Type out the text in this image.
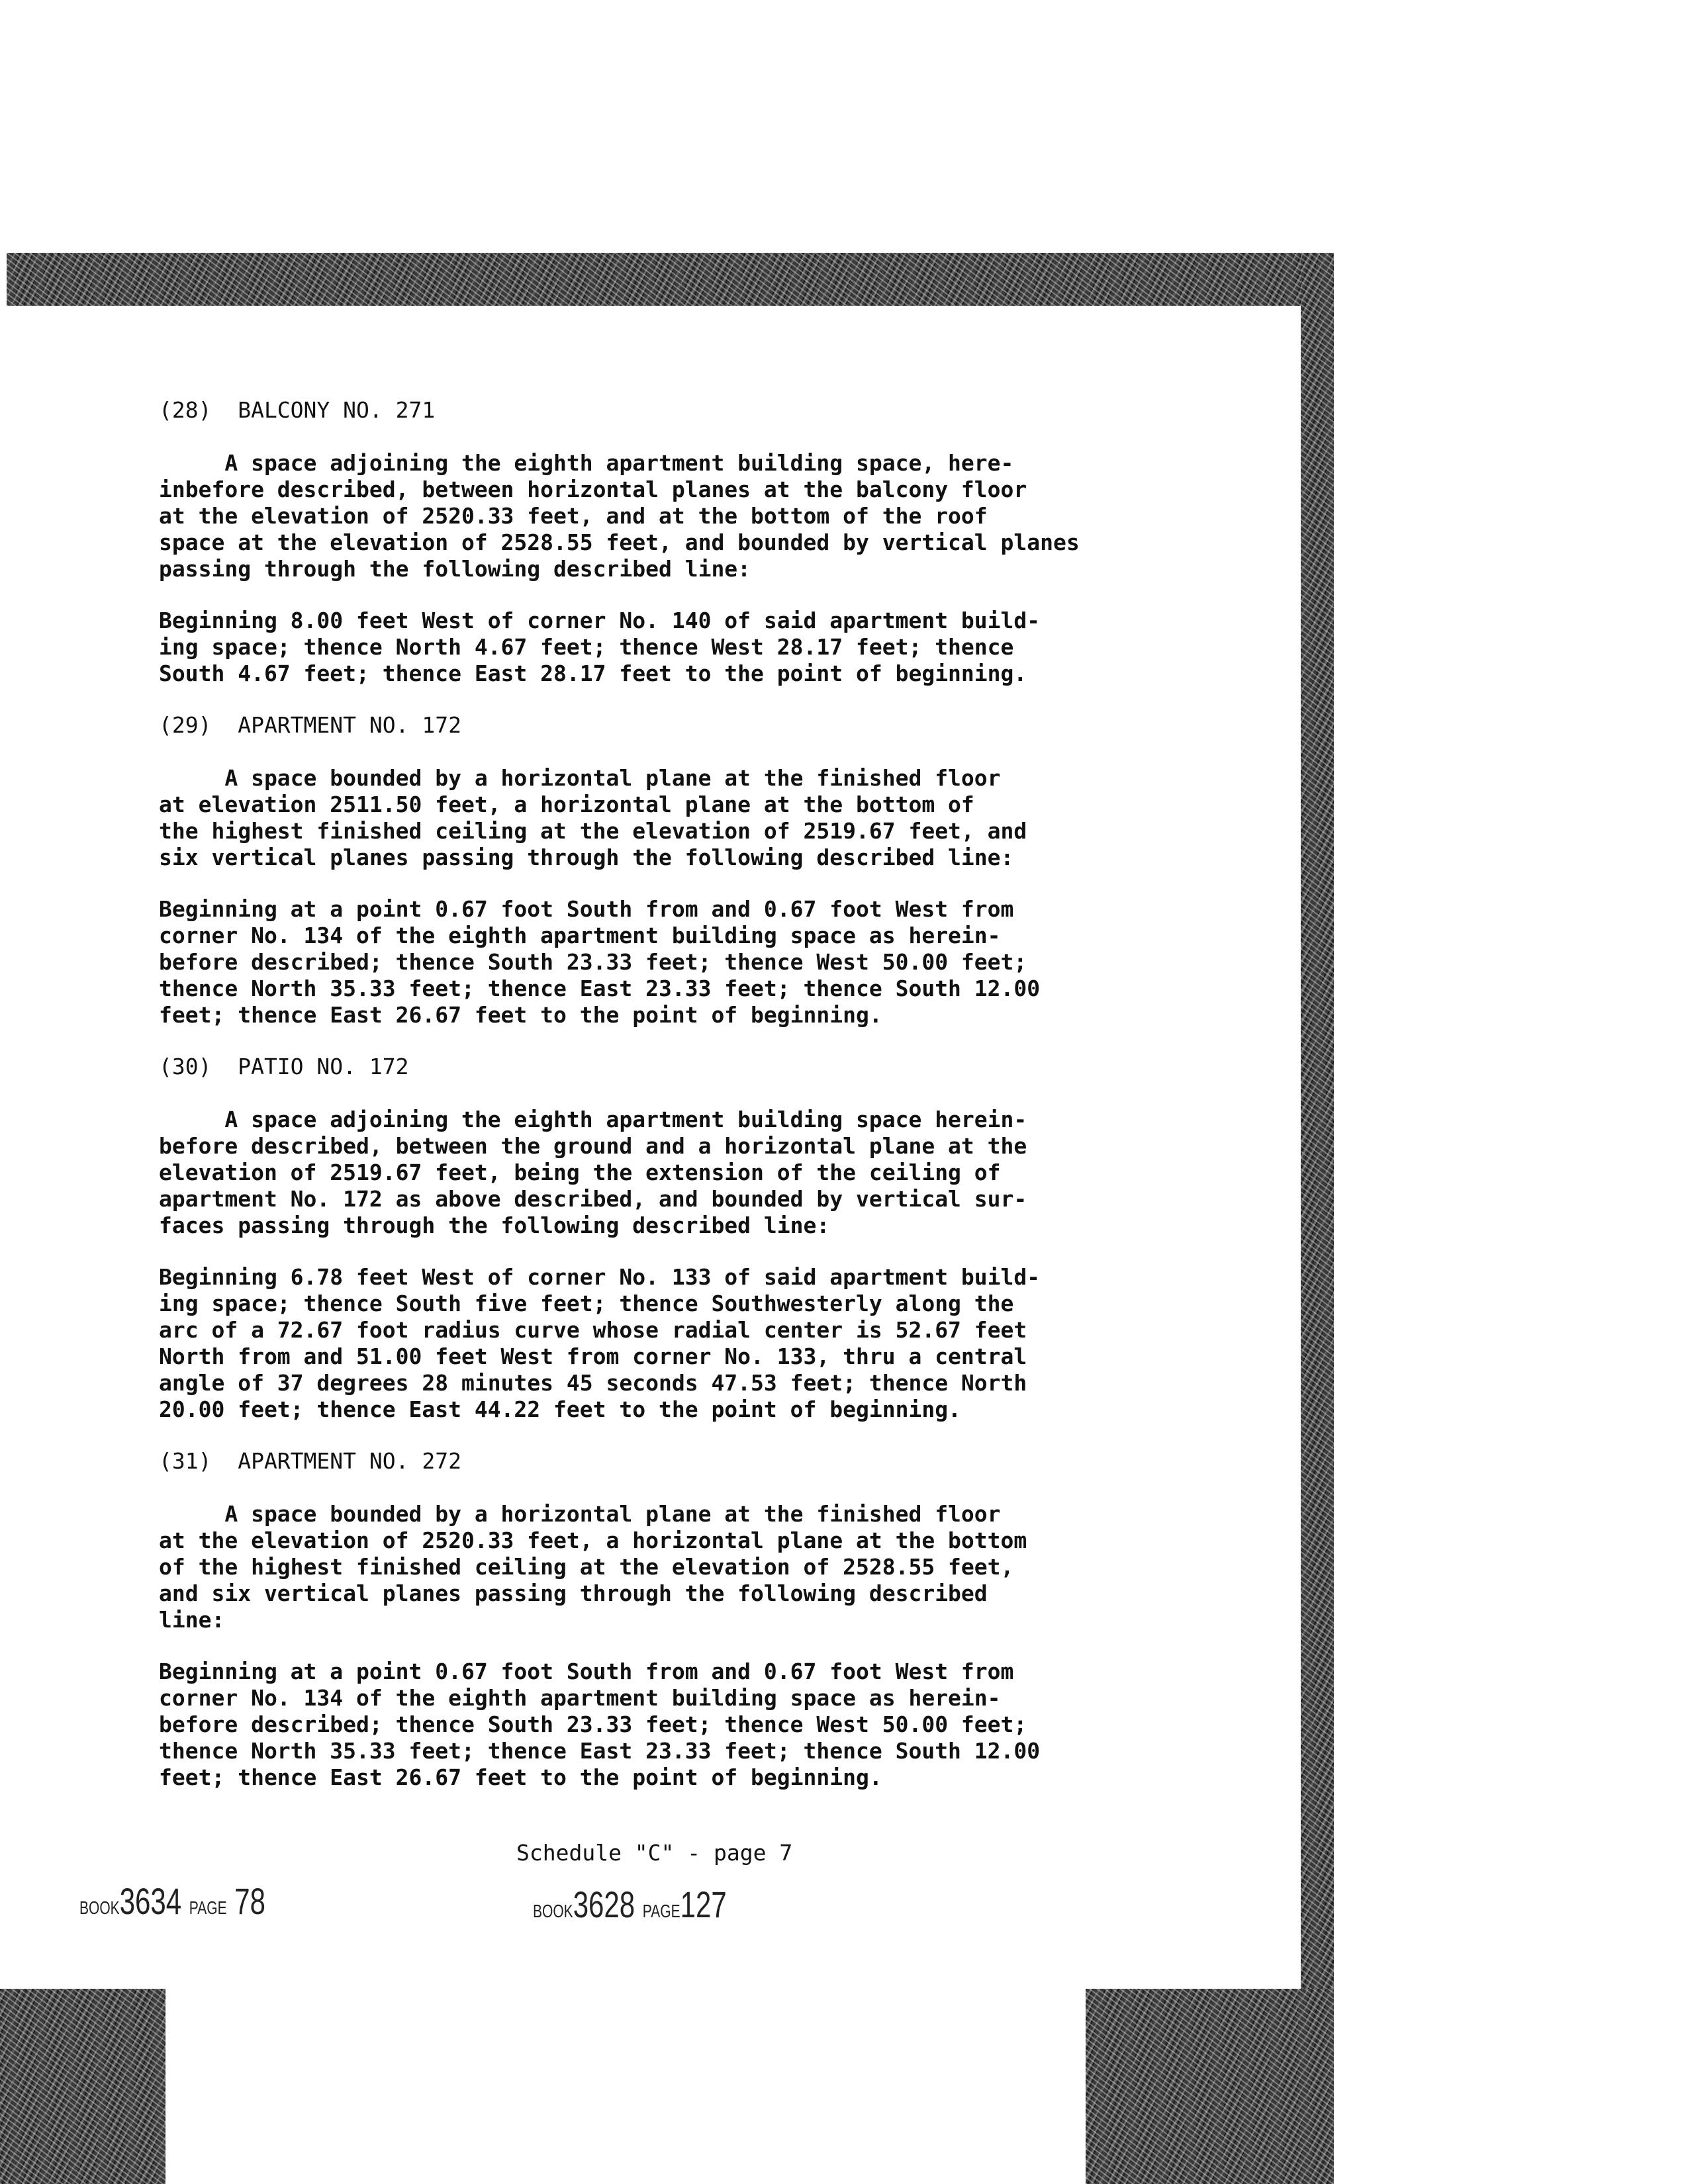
(28)  BALCONY NO. 271
A space adjoining the eighth apartment building space, here-
inbefore described, between horizontal planes at the balcony floor
at the elevation of 2520.33 feet, and at the bottom of the roof
space at the elevation of 2528.55 feet, and bounded by vertical planes
passing through the following described line:
Beginning 8.00 feet West of corner No. 140 of said apartment build-
ing space; thence North 4.67 feet; thence West 28.17 feet; thence
South 4.67 feet; thence East 28.17 feet to the point of beginning.
(29)  APARTMENT NO. 172
A space bounded by a horizontal plane at the finished floor
at elevation 2511.50 feet, a horizontal plane at the bottom of
the highest finished ceiling at the elevation of 2519.67 feet, and
six vertical planes passing through the following described line:
Beginning at a point 0.67 foot South from and 0.67 foot West from
corner No. 134 of the eighth apartment building space as herein-
before described; thence South 23.33 feet; thence West 50.00 feet;
thence North 35.33 feet; thence East 23.33 feet; thence South 12.00
feet; thence East 26.67 feet to the point of beginning.
(30)  PATIO NO. 172
A space adjoining the eighth apartment building space herein-
before described, between the ground and a horizontal plane at the
elevation of 2519.67 feet, being the extension of the ceiling of
apartment No. 172 as above described, and bounded by vertical sur-
faces passing through the following described line:
Beginning 6.78 feet West of corner No. 133 of said apartment build-
ing space; thence South five feet; thence Southwesterly along the
arc of a 72.67 foot radius curve whose radial center is 52.67 feet
North from and 51.00 feet West from corner No. 133, thru a central
angle of 37 degrees 28 minutes 45 seconds 47.53 feet; thence North
20.00 feet; thence East 44.22 feet to the point of beginning.
(31)  APARTMENT NO. 272
A space bounded by a horizontal plane at the finished floor
at the elevation of 2520.33 feet, a horizontal plane at the bottom
of the highest finished ceiling at the elevation of 2528.55 feet,
and six vertical planes passing through the following described
line:
Beginning at a point 0.67 foot South from and 0.67 foot West from
corner No. 134 of the eighth apartment building space as herein-
before described; thence South 23.33 feet; thence West 50.00 feet;
thence North 35.33 feet; thence East 23.33 feet; thence South 12.00
feet; thence East 26.67 feet to the point of beginning.
Schedule "C" - page 7
BOOK3634 PAGE 78	BOOK3628 PAGE127
